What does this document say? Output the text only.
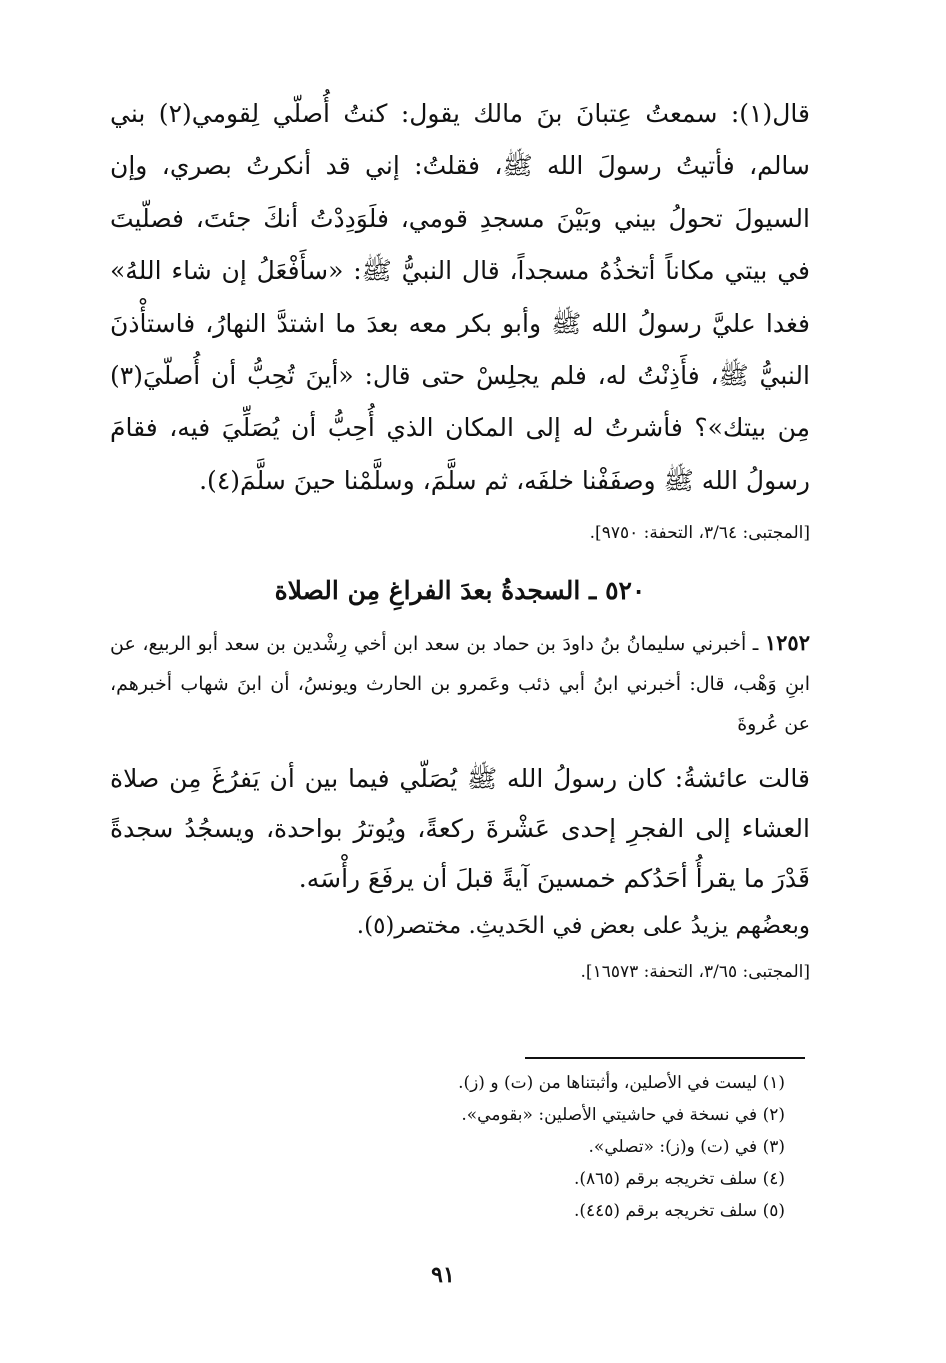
قال(١): سمعتُ عِتبانَ بنَ مالك يقول: كنتُ أُصلّي لِقومي(٢) بني سالم، فأتيتُ رسولَ الله ﷺ، فقلتُ: إني قد أنكرتُ بصري، وإن السيولَ تحولُ بيني وبَيْنَ مسجدِ قومي، فلَوَدِدْتُ أنكَ جئتَ، فصلّيتَ في بيتي مكاناً أتخذُهُ مسجداً، قال النبيُّ ﷺ: «سأَفْعَلُ إن شاء اللهُ» فغدا عليَّ رسولُ الله ﷺ وأبو بكر معه بعدَ ما اشتدَّ النهارُ، فاستأْذنَ النبيُّ ﷺ، فأَذِنْتُ له، فلم يجلِسْ حتى قال: «أينَ تُحِبُّ أن أُصلّيَ(٣) مِن بيتك»؟ فأشرتُ له إلى المكان الذي أُحِبُّ أن يُصَلِّيَ فيه، فقامَ رسولُ الله ﷺ وصفَفْنا خلفَه، ثم سلَّمَ، وسلَّمْنا حينَ سلَّمَ(٤).

[المجتبى: ٣/٦٤، التحفة: ٩٧٥٠].

٥٢٠ ـ السجدةُ بعدَ الفراغِ مِن الصلاة

١٢٥٢ ـ أخبرني سليمانُ بنُ داودَ بن حماد بن سعد ابن أخي رِشْدين بن سعد أبو الربيع، عن ابنِ وَهْب، قال: أخبرني ابنُ أبي ذئب وعَمرو بن الحارث ويونسُ، أن ابنَ شهاب أخبرهم، عن عُروةَ

قالت عائشةُ: كان رسولُ الله ﷺ يُصَلّي فيما بين أن يَفرُغَ مِن صلاة العشاء إلى الفجرِ إحدى عَشْرةَ ركعةً، ويُوترُ بواحدة، ويسجُدُ سجدةً قَدْرَ ما يقرأُ أحَدُكم خمسينَ آيةً قبلَ أن يرفَعَ رأْسَه.

وبعضُهم يزيدُ على بعض في الحَديثِ. مختصر(٥).

[المجتبى: ٣/٦٥، التحفة: ١٦٥٧٣].

(١) ليست في الأصلين، وأثبتناها من (ت) و (ز).

(٢) في نسخة في حاشيتي الأصلين: «بقومي».

(٣) في (ت) و(ز): «تصلي».

(٤) سلف تخريجه برقم (٨٦٥).

(٥) سلف تخريجه برقم (٤٤٥).

٩١
